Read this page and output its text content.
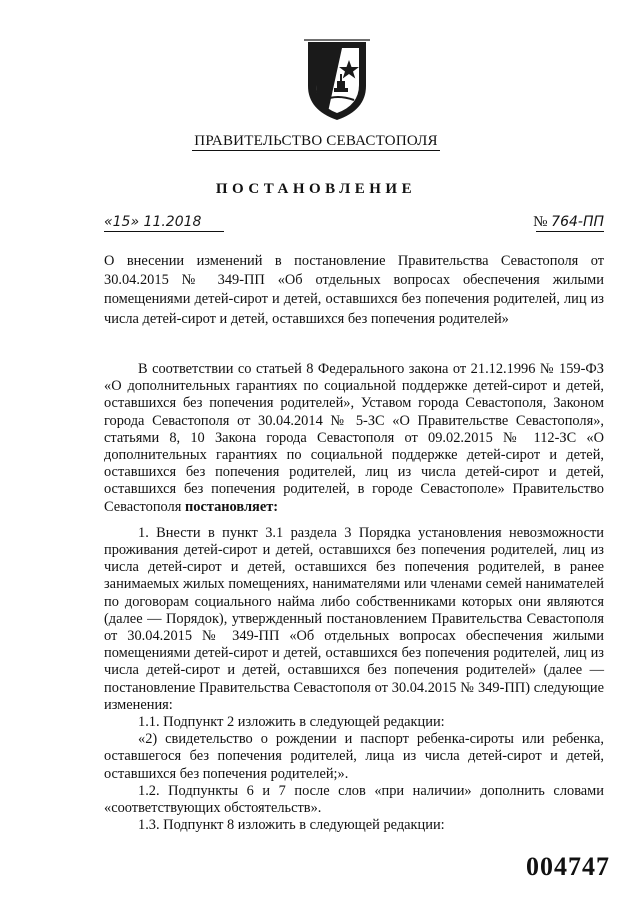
ПРАВИТЕЛЬСТВО СЕВАСТОПОЛЯ
ПОСТАНОВЛЕНИЕ
«15» 11.2018	№ 764-ПП
О внесении изменений в постановление Правительства Севастополя от 30.04.2015 № 349-ПП «Об отдельных вопросах обеспечения жилыми помещениями детей-сирот и детей, оставшихся без попечения родителей, лиц из числа детей-сирот и детей, оставшихся без попечения родителей»

В соответствии со статьей 8 Федерального закона от 21.12.1996 № 159-ФЗ «О дополнительных гарантиях по социальной поддержке детей-сирот и детей, оставшихся без попечения родителей», Уставом города Севастополя, Законом города Севастополя от 30.04.2014 № 5-ЗС «О Правительстве Севастополя», статьями 8, 10 Закона города Севастополя от 09.02.2015 № 112-ЗС «О дополнительных гарантиях по социальной поддержке детей-сирот и детей, оставшихся без попечения родителей, лиц из числа детей-сирот и детей, оставшихся без попечения родителей, в городе Севастополе» Правительство Севастополя постановляет:

1. Внести в пункт 3.1 раздела 3 Порядка установления невозможности проживания детей-сирот и детей, оставшихся без попечения родителей, лиц из числа детей-сирот и детей, оставшихся без попечения родителей, в ранее занимаемых жилых помещениях, нанимателями или членами семей нанимателей по договорам социального найма либо собственниками которых они являются (далее — Порядок), утвержденный постановлением Правительства Севастополя от 30.04.2015 № 349-ПП «Об отдельных вопросах обеспечения жилыми помещениями детей-сирот и детей, оставшихся без попечения родителей, лиц из числа детей-сирот и детей, оставшихся без попечения родителей» (далее — постановление Правительства Севастополя от 30.04.2015 № 349-ПП) следующие изменения:

1.1. Подпункт 2 изложить в следующей редакции:

«2) свидетельство о рождении и паспорт ребенка-сироты или ребенка, оставшегося без попечения родителей, лица из числа детей-сирот и детей, оставшихся без попечения родителей;».

1.2. Подпункты 6 и 7 после слов «при наличии» дополнить словами «соответствующих обстоятельств».

1.3. Подпункт 8 изложить в следующей редакции:

004747
